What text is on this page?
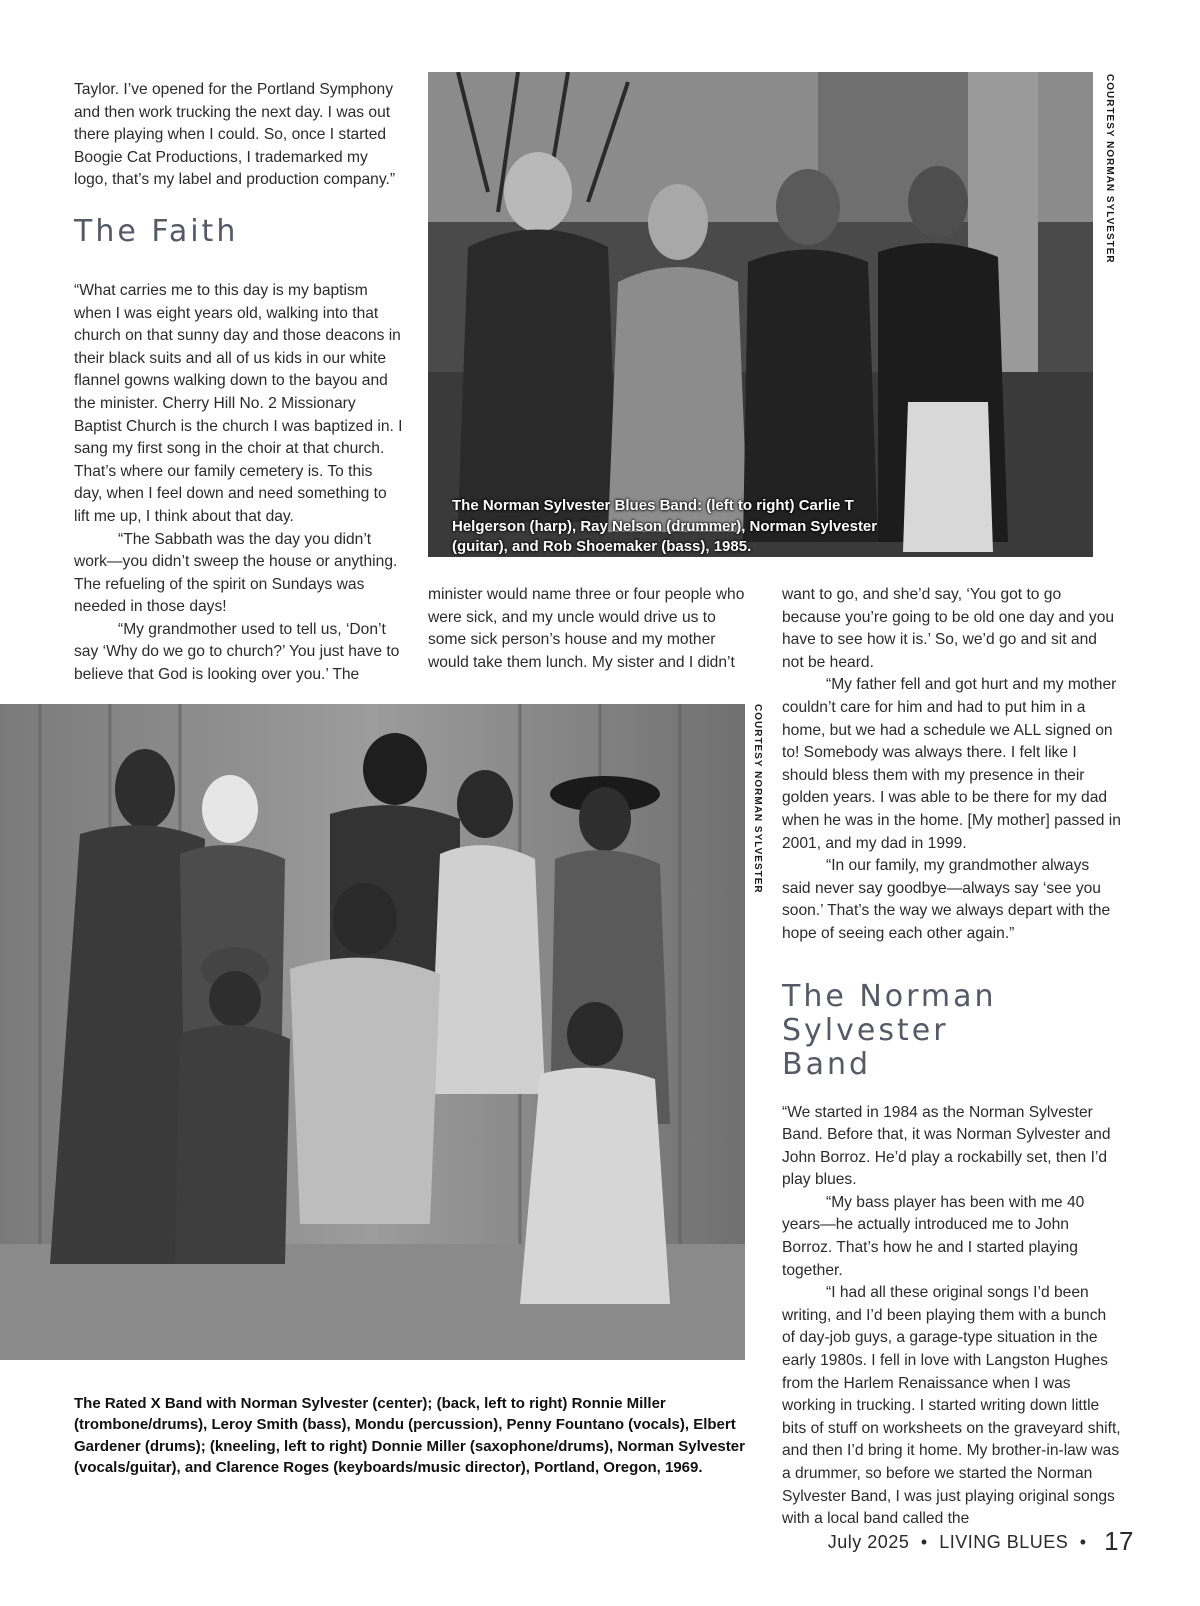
Taylor. I’ve opened for the Portland Symphony and then work trucking the next day. I was out there playing when I could. So, once I started Boogie Cat Productions, I trademarked my logo, that’s my label and production company.”

The Faith

“What carries me to this day is my baptism when I was eight years old, walking into that church on that sunny day and those deacons in their black suits and all of us kids in our white flannel gowns walking down to the bayou and the minister. Cherry Hill No. 2 Missionary Baptist Church is the church I was baptized in. I sang my first song in the choir at that church. That’s where our family cemetery is. To this day, when I feel down and need something to lift me up, I think about that day.

“The Sabbath was the day you didn’t work—you didn’t sweep the house or anything. The refueling of the spirit on Sundays was needed in those days!

“My grandmother used to tell us, ‘Don’t say ‘Why do we go to church?’ You just have to believe that God is looking over you.’ The

The Norman Sylvester Blues Band: (left to right) Carlie T Helgerson (harp), Ray Nelson (drummer), Norman Sylvester (guitar), and Rob Shoemaker (bass), 1985.
COURTESY NORMAN SYLVESTER

minister would name three or four people who were sick, and my uncle would drive us to some sick person’s house and my mother would take them lunch. My sister and I didn’t

want to go, and she’d say, ‘You got to go because you’re going to be old one day and you have to see how it is.’ So, we’d go and sit and not be heard.

“My father fell and got hurt and my mother couldn’t care for him and had to put him in a home, but we had a schedule we ALL signed on to! Somebody was always there. I felt like I should bless them with my presence in their golden years. I was able to be there for my dad when he was in the home. [My mother] passed in 2001, and my dad in 1999.

“In our family, my grandmother always said never say goodbye—always say ‘see you soon.’ That’s the way we always depart with the hope of seeing each other again.”

The Norman
Sylvester
Band

“We started in 1984 as the Norman Sylvester Band. Before that, it was Norman Sylvester and John Borroz. He’d play a rockabilly set, then I’d play blues.

“My bass player has been with me 40 years—he actually introduced me to John Borroz. That’s how he and I started playing together.

“I had all these original songs I’d been writing, and I’d been playing them with a bunch of day-job guys, a garage-type situation in the early 1980s. I fell in love with Langston Hughes from the Harlem Renaissance when I was working in trucking. I started writing down little bits of stuff on worksheets on the graveyard shift, and then I’d bring it home. My brother-in-law was a drummer, so before we started the Norman Sylvester Band, I was just playing original songs with a local band called the

COURTESY NORMAN SYLVESTER
The Rated X Band with Norman Sylvester (center); (back, left to right) Ronnie Miller (trombone/drums), Leroy Smith (bass), Mondu (percussion), Penny Fountano (vocals), Elbert Gardener (drums); (kneeling, left to right) Donnie Miller (saxophone/drums), Norman Sylvester (vocals/guitar), and Clarence Roges (keyboards/music director), Portland, Oregon, 1969.
July 2025 • LIVING BLUES • 17
